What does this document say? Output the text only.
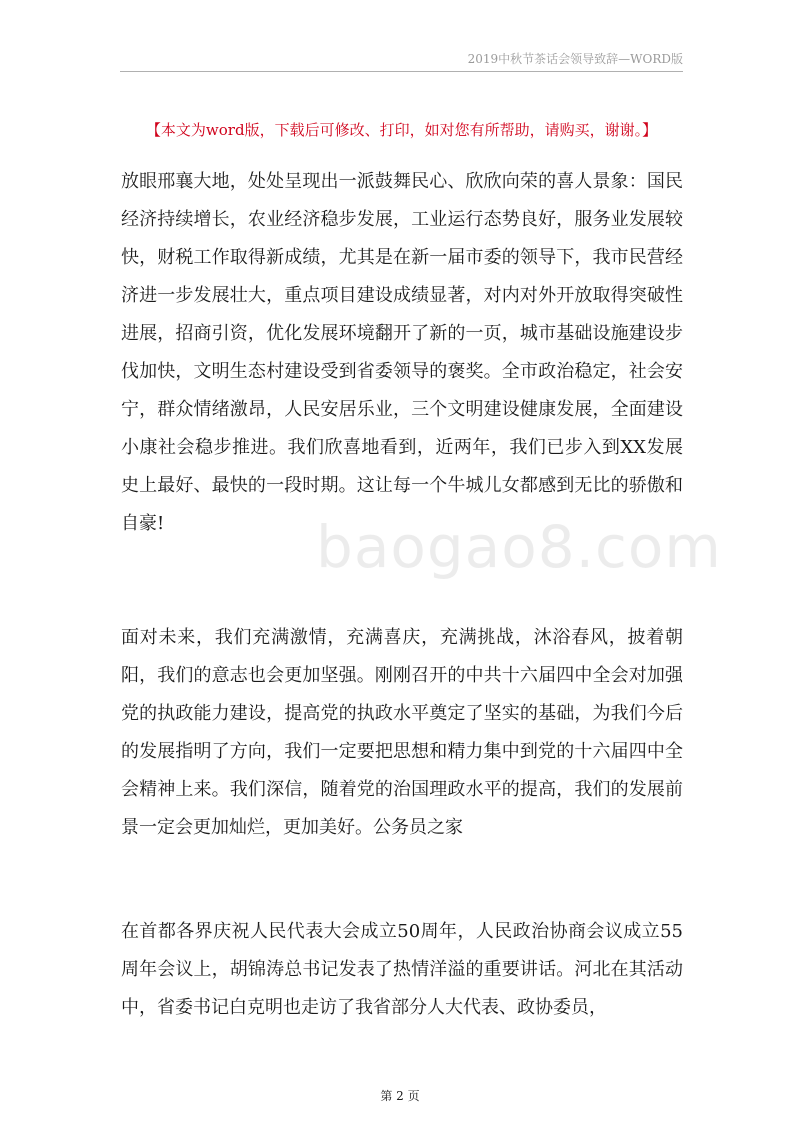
2019中秋节茶话会领导致辞—WORD版
【本文为word版，下载后可修改、打印，如对您有所帮助，请购买，谢谢。】

放眼邢襄大地，处处呈现出一派鼓舞民心、欣欣向荣的喜人景象：国民经济持续增长，农业经济稳步发展，工业运行态势良好，服务业发展较快，财税工作取得新成绩，尤其是在新一届市委的领导下，我市民营经济进一步发展壮大，重点项目建设成绩显著，对内对外开放取得突破性进展，招商引资，优化发展环境翻开了新的一页，城市基础设施建设步伐加快，文明生态村建设受到省委领导的褒奖。全市政治稳定，社会安宁，群众情绪激昂，人民安居乐业，三个文明建设健康发展，全面建设小康社会稳步推进。我们欣喜地看到，近两年，我们已步入到XX发展史上最好、最快的一段时期。这让每一个牛城儿女都感到无比的骄傲和自豪!	baogao8.com

面对未来，我们充满激情，充满喜庆，充满挑战，沐浴春风，披着朝阳，我们的意志也会更加坚强。刚刚召开的中共十六届四中全会对加强党的执政能力建设，提高党的执政水平奠定了坚实的基础，为我们今后的发展指明了方向，我们一定要把思想和精力集中到党的十六届四中全会精神上来。我们深信，随着党的治国理政水平的提高，我们的发展前景一定会更加灿烂，更加美好。公务员之家

在首都各界庆祝人民代表大会成立50周年，人民政治协商会议成立55 周年会议上，胡锦涛总书记发表了热情洋溢的重要讲话。河北在其活动中，省委书记白克明也走访了我省部分人大代表、政协委员，

第 2 页
